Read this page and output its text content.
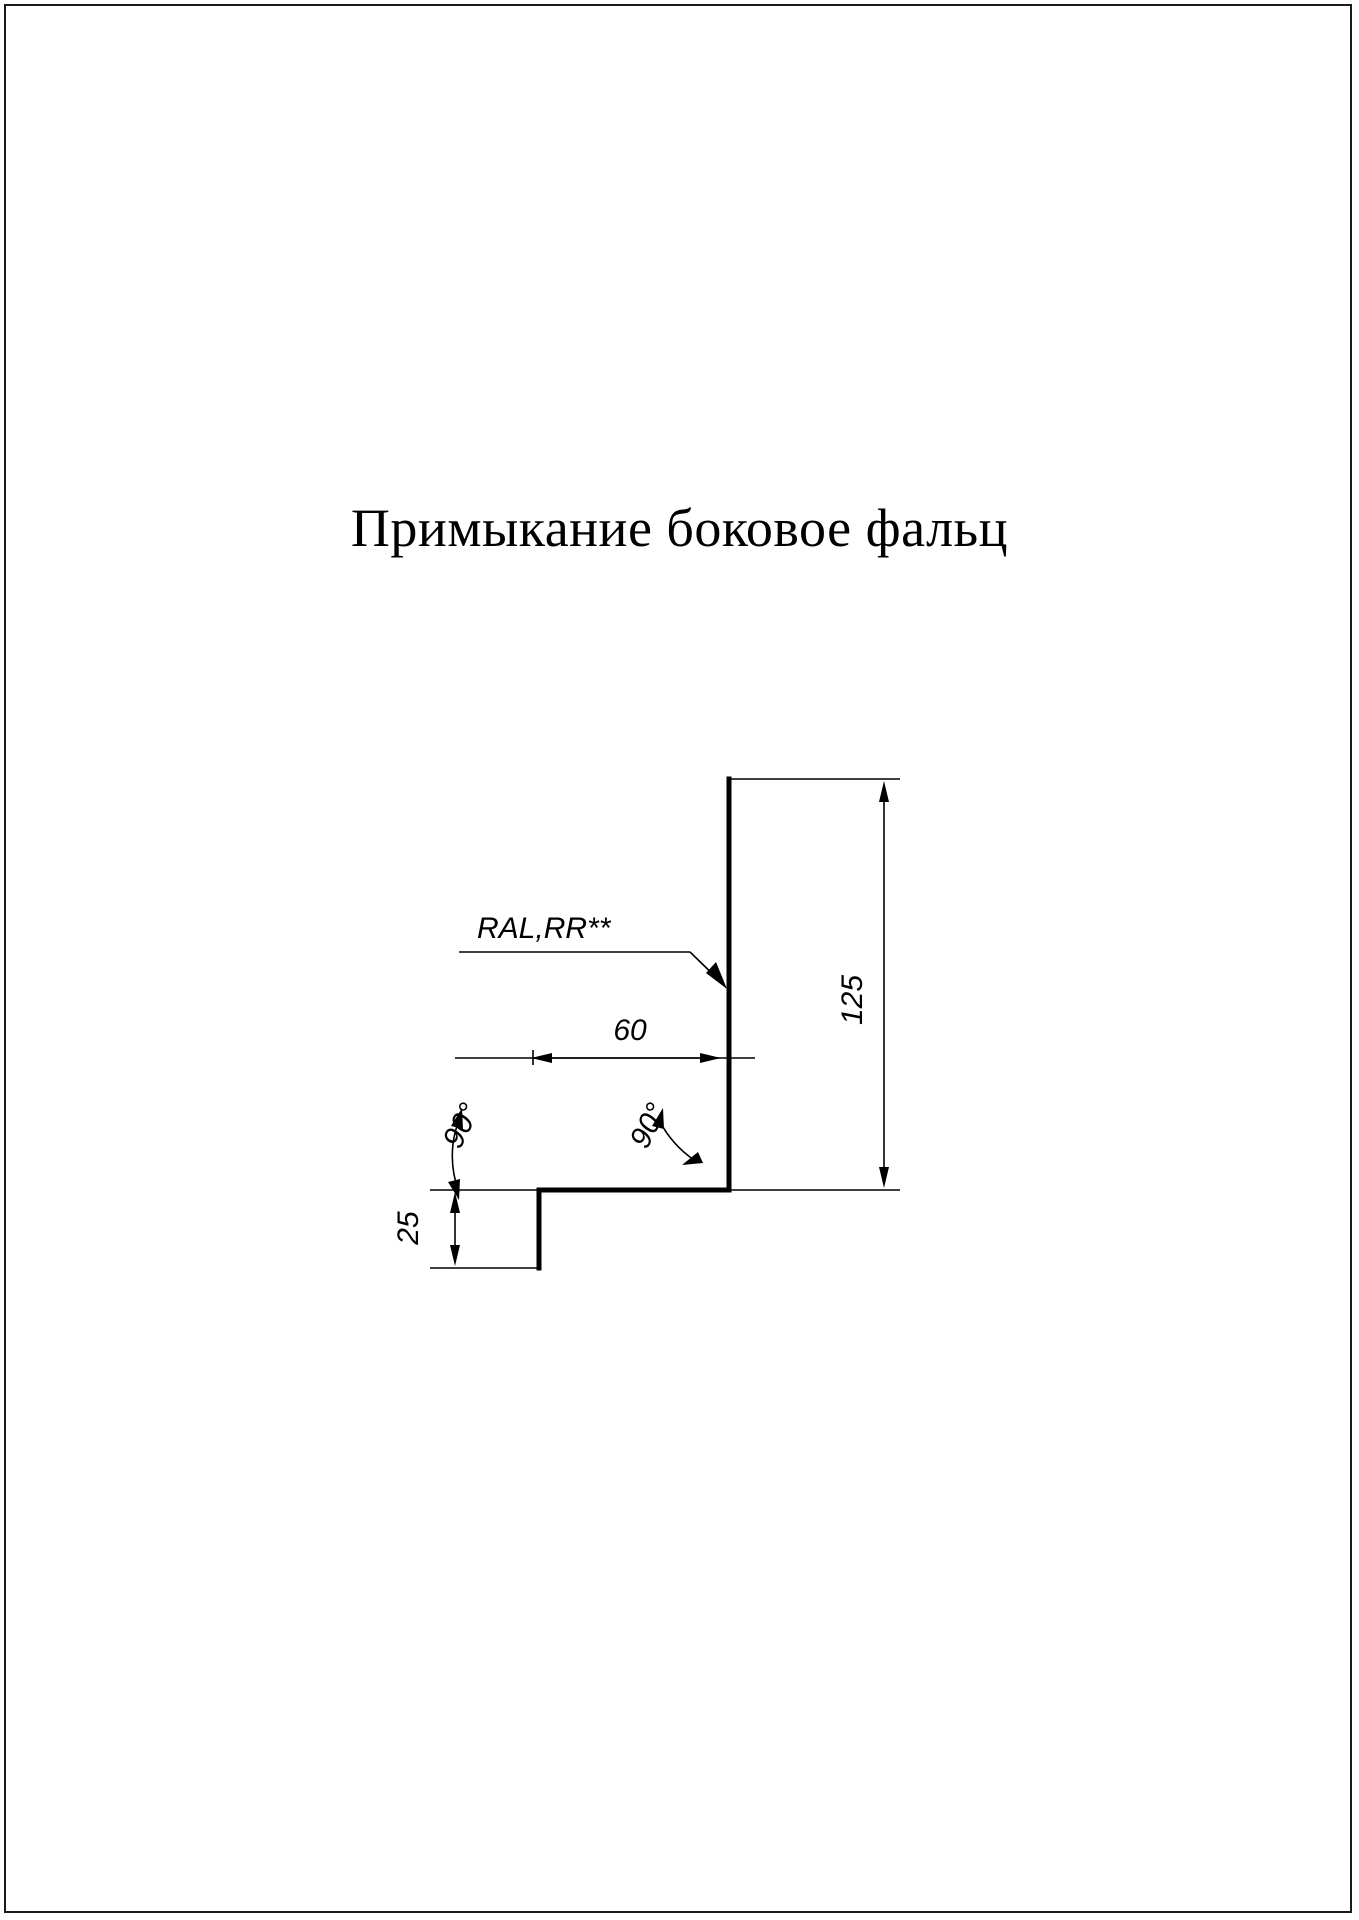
Примыкание боковое фальц
RAL,RR**
125
60
25
90°	90°
